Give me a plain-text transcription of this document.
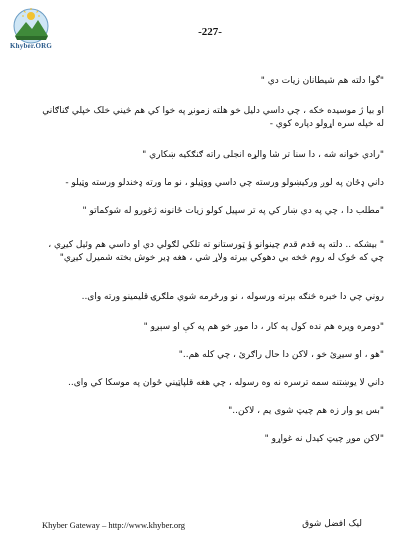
Khyber.ORG
-227-

"گوا دلته هم شیطانان زیات دي "

او بیا ژ موسیده خکه ، چي داسي دلیل خو هلته زمونږ په خوا کي هم څیني خلک خپلي ګناګاني له خپله سره اړولو دپاره کوي -

"رادي خوانه شه ، دا سنا تر شا والړه انجلی راته ګنګکیه ښکاري "

داني ډځان په لوږ ورکیښولو ورسته چي داسي ووټیلو ، نو ما ورته ډخندلو ورسته وټیلو -

"مطلب دا ، چي په دي ښار کي په تر سپیل کولو زیات ځانونه ژغورو له شوکماتو "

" بیشکه .. دلته په قدم قدم چینوانو ؤ ټورستانو ته تلکي لګولي دي او داسي هم وئیل کیږي ، چي که څوک له روم څخه بي دهوکي بیرته ولاړ شي ، هغه ډیر خوش بخته شمیرل کیږي"

روني چي دا خبره څنګه بېرته ورسوله ، نو ورځرمه شوي ملګرۍ قلیمینو ورته وای..

"دومره ویره هم نده کول په کار ، دا موږ خو هم په کې او سېږو "

"هو ، او سیږئ خو ، لاکن دا حال راګرئ ، چي کله هم.."

داني لا یوښتنه سمه ترسره نه وه رسوله ، چي هغه قلپاټیني ځوان په موسکا کي وای..

"بس یو وار زه هم چیټ شوی یم ، لاکن.."

"لاکن موږ چیټ کیدل نه غواړو "

Khyber Gateway – http://www.khyber.org	لیک افضل شوق
